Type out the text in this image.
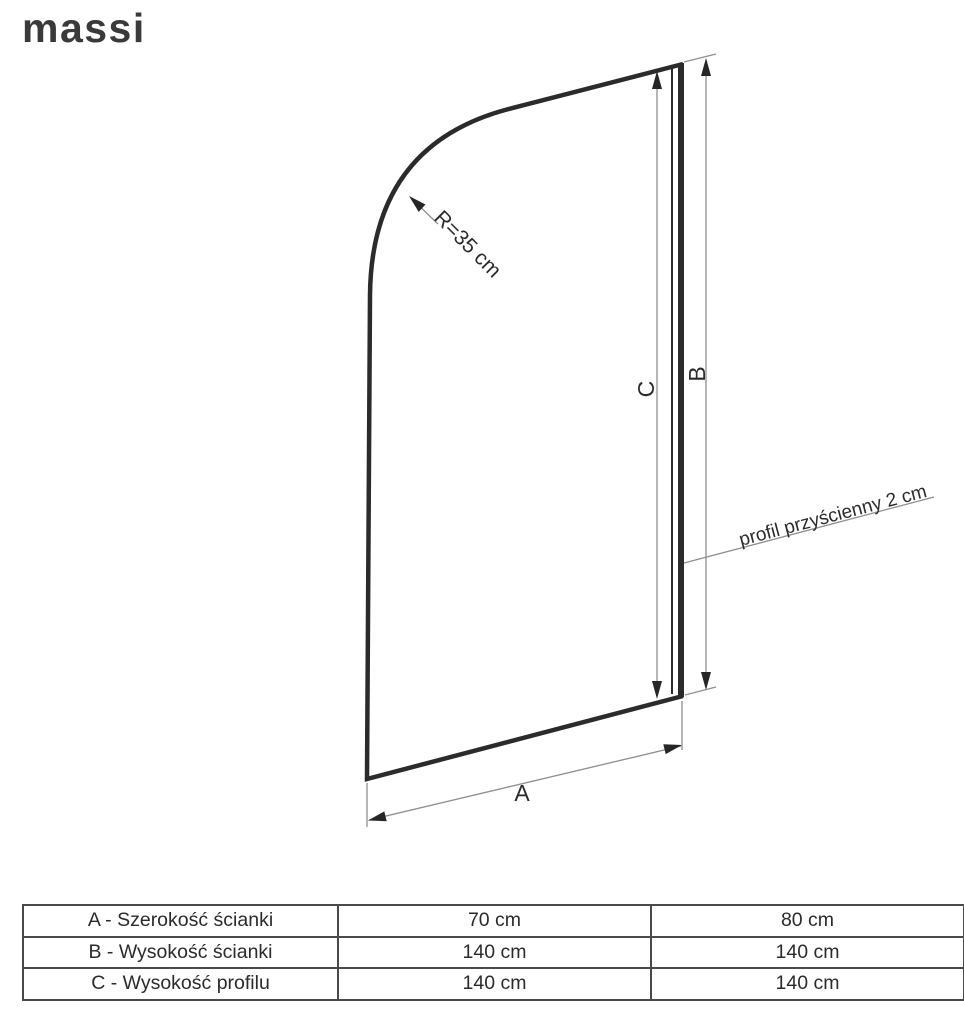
massi
C
B
A
R=35 cm
profil przyścienny 2 cm
A - Szerokość ścianki	70 cm	80 cm
B - Wysokość ścianki	140 cm	140 cm
C - Wysokość profilu	140 cm	140 cm
